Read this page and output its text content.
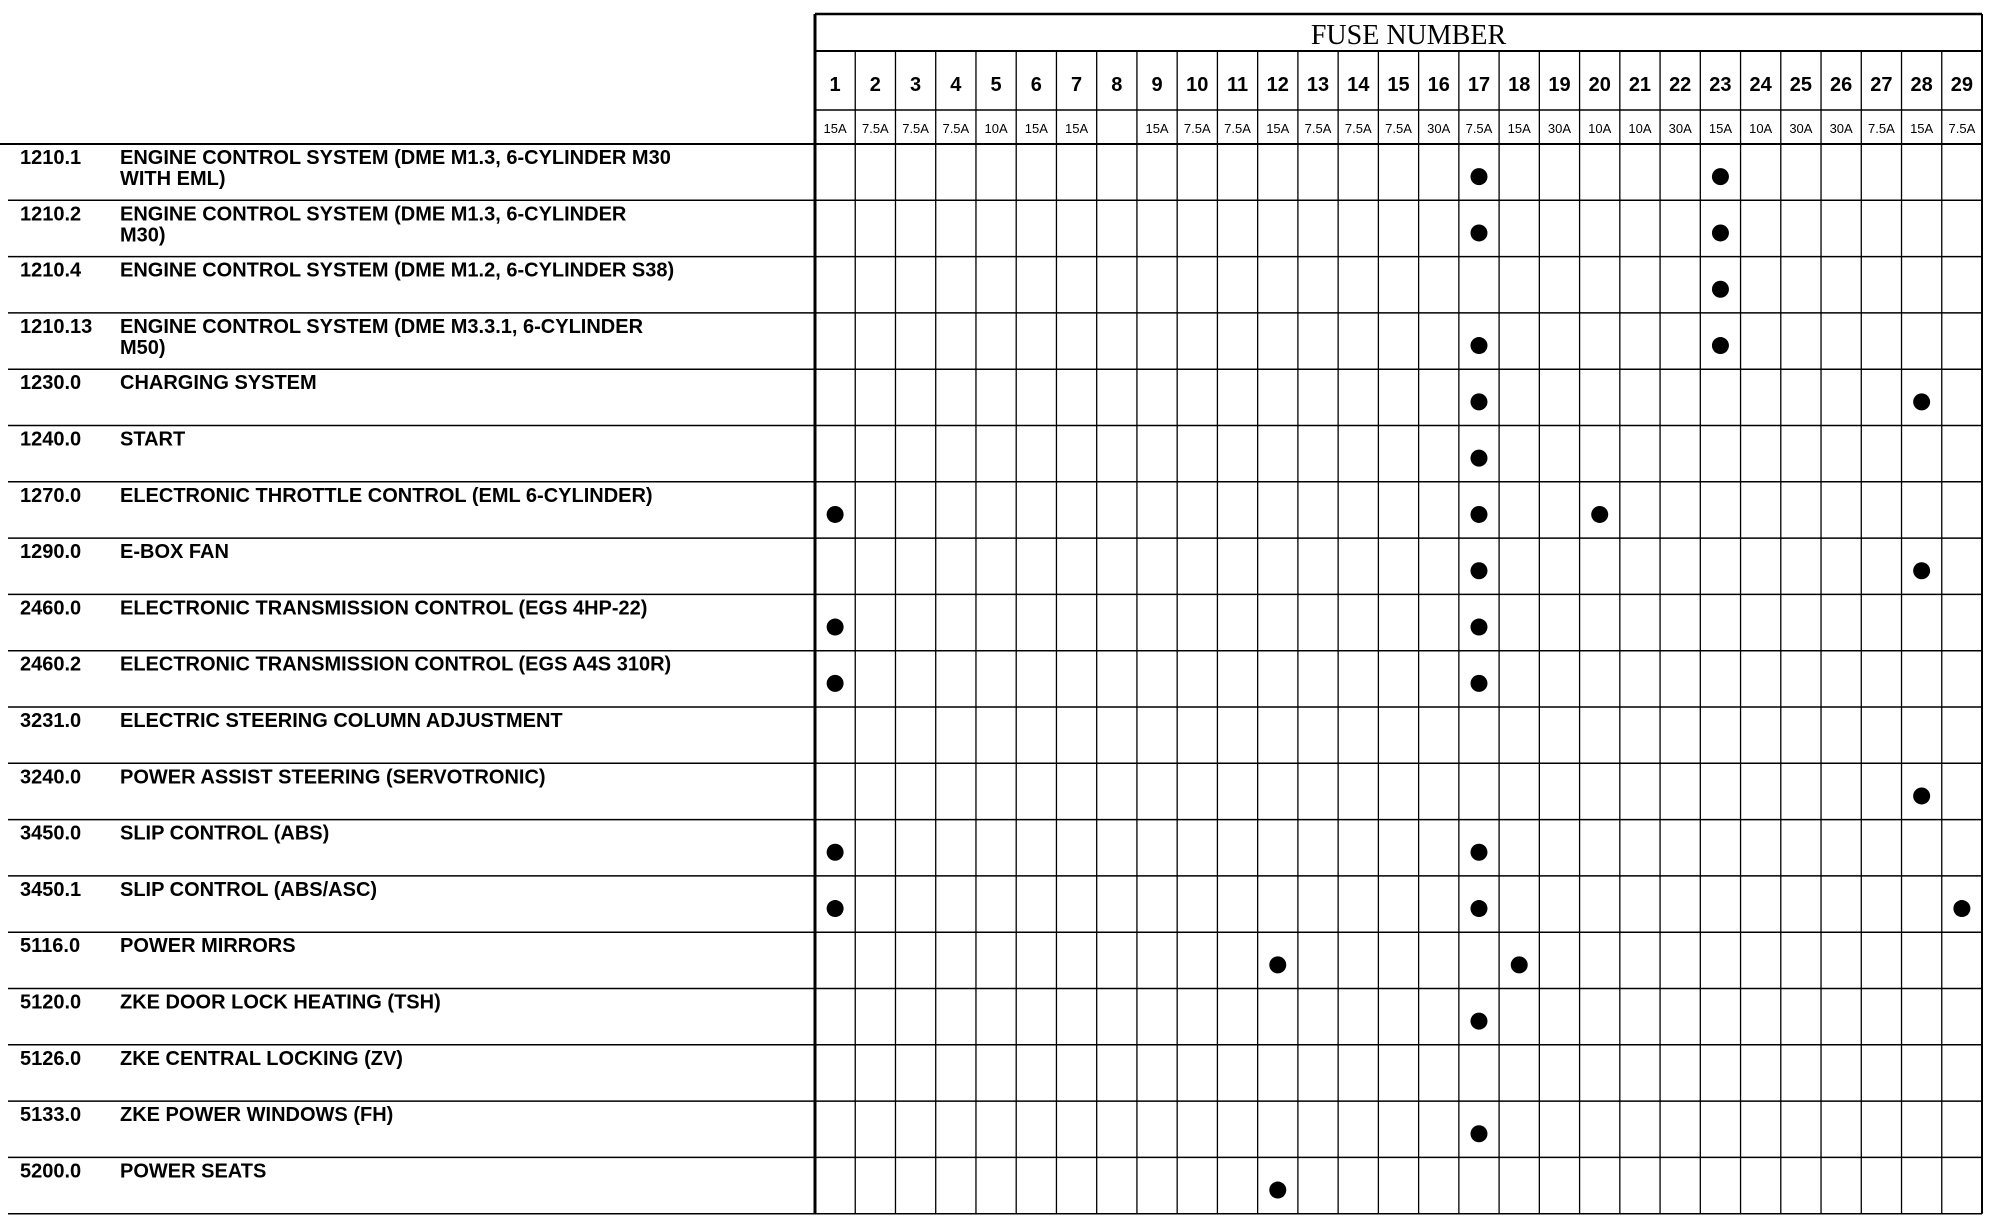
FUSE NUMBER
1
15A
2
7.5A
3
7.5A
4
7.5A
5
10A
6
15A
7
15A
8 9
15A
10
7.5A
11
7.5A
12
15A
13
7.5A
14
7.5A
15
7.5A
16
30A
17
7.5A
18
15A
19
30A
20
10A
21
10A
22
30A
23
15A
24
10A
25
30A
26
30A
27
7.5A
28
15A
29
7.5A
1210.1 ENGINE CONTROL SYSTEM (DME M1.3, 6-CYLINDER M30
WITH EML)
1210.2 ENGINE CONTROL SYSTEM (DME M1.3, 6-CYLINDER
M30)
1210.4 ENGINE CONTROL SYSTEM (DME M1.2, 6-CYLINDER S38)
1210.13 ENGINE CONTROL SYSTEM (DME M3.3.1, 6-CYLINDER
M50)
1230.0 CHARGING SYSTEM
1240.0 START
1270.0 ELECTRONIC THROTTLE CONTROL (EML 6-CYLINDER)
1290.0 E-BOX FAN
2460.0 ELECTRONIC TRANSMISSION CONTROL (EGS 4HP-22)
2460.2 ELECTRONIC TRANSMISSION CONTROL (EGS A4S 310R)
3231.0 ELECTRIC STEERING COLUMN ADJUSTMENT
3240.0 POWER ASSIST STEERING (SERVOTRONIC)
3450.0 SLIP CONTROL (ABS)
3450.1 SLIP CONTROL (ABS/ASC)
5116.0 POWER MIRRORS
5120.0 ZKE DOOR LOCK HEATING (TSH)
5126.0 ZKE CENTRAL LOCKING (ZV)
5133.0 ZKE POWER WINDOWS (FH)
5200.0 POWER SEATS
